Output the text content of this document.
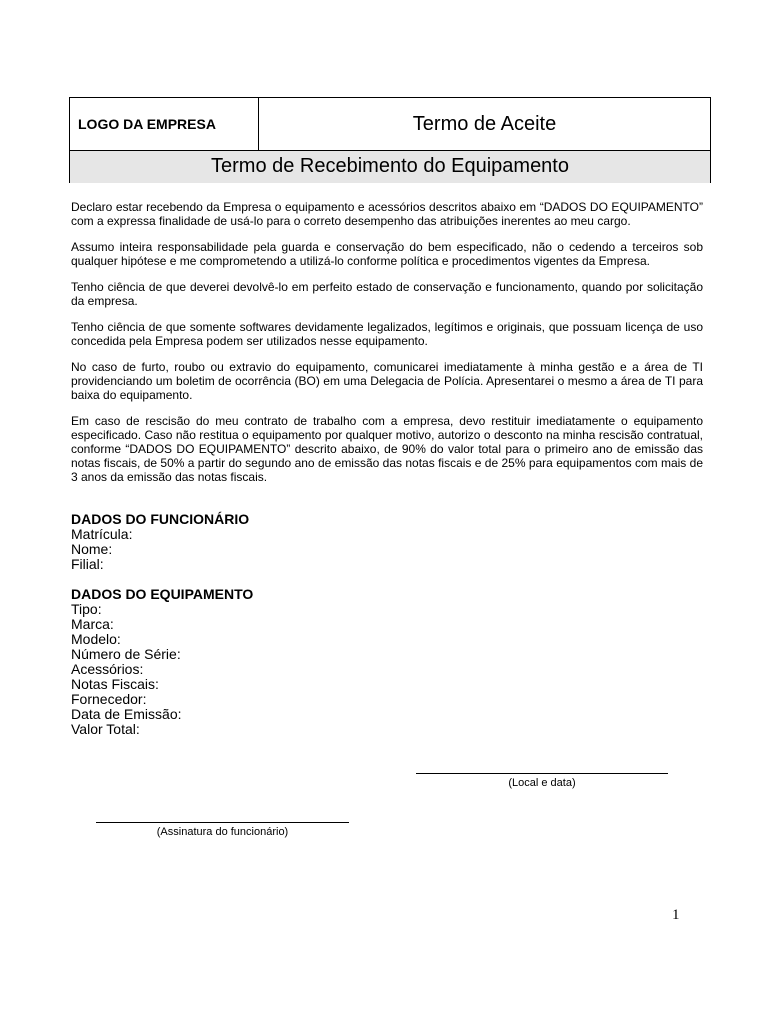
LOGO DA EMPRESA	Termo de Aceite
Termo de Recebimento do Equipamento

Declaro estar recebendo da Empresa o equipamento e acessórios descritos abaixo em “DADOS DO EQUIPAMENTO” com a expressa finalidade de usá-lo para o correto desempenho das atribuições inerentes ao meu cargo.

Assumo inteira responsabilidade pela guarda e conservação do bem especificado, não o cedendo a terceiros sob qualquer hipótese e me comprometendo a utilizá-lo conforme política e procedimentos vigentes da Empresa.

Tenho ciência de que deverei devolvê-lo em perfeito estado de conservação e funcionamento, quando por solicitação da empresa.

Tenho ciência de que somente softwares devidamente legalizados, legítimos e originais, que possuam licença de uso concedida pela Empresa podem ser utilizados nesse equipamento.

No caso de furto, roubo ou extravio do equipamento, comunicarei imediatamente à minha gestão e a área de TI providenciando um boletim de ocorrência (BO) em uma Delegacia de Polícia. Apresentarei o mesmo a área de TI para baixa do equipamento.

Em caso de rescisão do meu contrato de trabalho com a empresa, devo restituir imediatamente o equipamento especificado. Caso não restitua o equipamento por qualquer motivo, autorizo o desconto na minha rescisão contratual, conforme “DADOS DO EQUIPAMENTO” descrito abaixo, de 90% do valor total para o primeiro ano de emissão das notas fiscais, de 50% a partir do segundo ano de emissão das notas fiscais e de 25% para equipamentos com mais de 3 anos da emissão das notas fiscais.

DADOS DO FUNCIONÁRIO
Matrícula:
Nome:
Filial:
DADOS DO EQUIPAMENTO
Tipo:
Marca:
Modelo:
Número de Série:
Acessórios:
Notas Fiscais:
Fornecedor:
Data de Emissão:
Valor Total:
(Local e data)
(Assinatura do funcionário)
1
